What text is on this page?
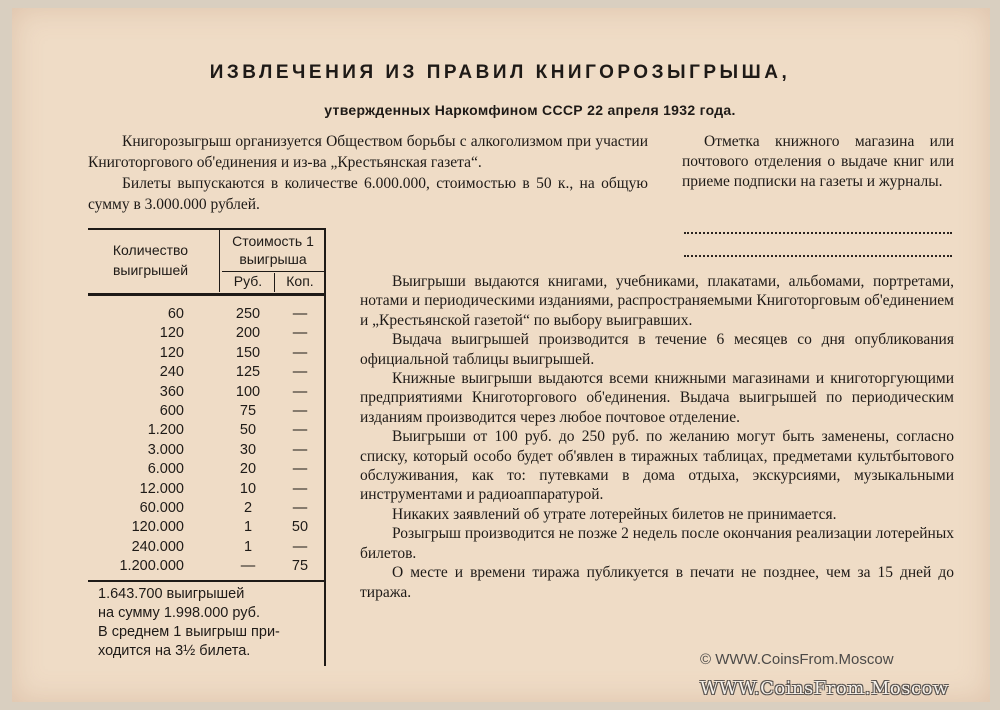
ИЗВЛЕЧЕНИЯ ИЗ ПРАВИЛ КНИГОРОЗЫГРЫША,
утвержденных Наркомфином СССР 22 апреля 1932 года.

Книгорозыгрыш организуется Обществом борьбы с алкоголизмом при участии Книготоргового об'единения и из-ва „Крестьянская газета“.

Билеты выпускаются в количестве 6.000.000, стоимостью в 50 к., на общую сумму в 3.000.000 рублей.

Отметка книжного магазина или почтового отделения о выдаче книг или приеме подписки на газеты и журналы.

Количество выигрышей
Стоимость 1 выигрыша
Руб.	Коп.
60	250	—
120	200	—
120	150	—
240	125	—
360	100	—
600	75	—
1.200	50	—
3.000	30	—
6.000	20	—
12.000	10	—
60.000	2	—
120.000	1	50
240.000	1	—
1.200.000	—	75

1.643.700 выигрышей

на сумму 1.998.000 руб.

В среднем 1 выигрыш при-

ходится на 3½ билета.

Выигрыши выдаются книгами, учебниками, плакатами, альбомами, портретами, нотами и периодическими изданиями, распространяемыми Книготорговым об'единением и „Крестьянской газетой“ по выбору выигравших.

Выдача выигрышей производится в течение 6 месяцев со дня опубликования официальной таблицы выигрышей.

Книжные выигрыши выдаются всеми книжными магазинами и книготоргующими предприятиями Книготоргового об'единения. Выдача выигрышей по периодическим изданиям производится через любое почтовое отделение.

Выигрыши от 100 руб. до 250 руб. по желанию могут быть заменены, согласно списку, который особо будет об'явлен в тиражных таблицах, предметами культбытового обслуживания, как то: путевками в дома отдыха, экскурсиями, музыкальными инструментами и радиоаппаратурой.

Никаких заявлений об утрате лотерейных билетов не принимается.

Розыгрыш производится не позже 2 недель после окончания реализации лотерейных билетов.

О месте и времени тиража публикуется в печати не позднее, чем за 15 дней до тиража.

© WWW.CoinsFrom.Moscow
WWW.CoinsFrom.Moscow
